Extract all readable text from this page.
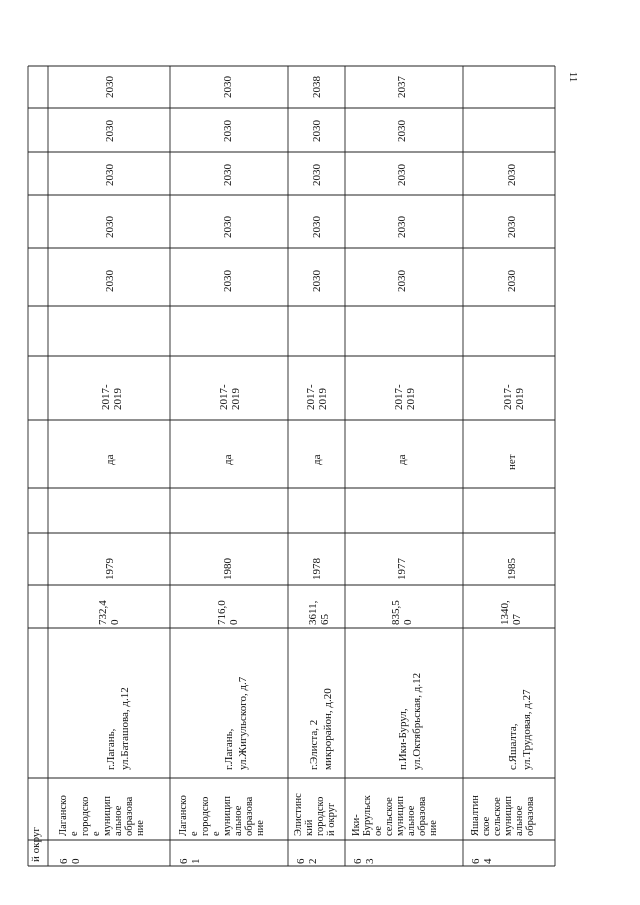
11
й округ 6
0
Лаганско
е
городско
е
муницип
альное
образова
ние
г.Лагань,
ул.Баташова, д.12
732,4
0
1979
да
2017-
2019
2030
2030
2030
2030
2030
6
1
Лаганско
е
городско
е
муницип
альное
образова
ние
г.Лагань,
ул.Жигульского, д.7
716,0
0
1980
да
2017-
2019
2030
2030
2030
2030
2030
6
2
Элистинс
кий
городско
й округ
г.Элиста, 2
микрорайон, д.20
3611,
65
1978
да
2017-
2019
2030
2030
2030
2030
2038
6
3
Ики-
Бурульск
ое
сельское
муницип
альное
образова
ние
п.Ики-Бурул,
ул.Октябрьская, д.12
835,5
0
1977
да
2017-
2019
2030
2030
2030
2030
2037
6
4
Яшалтин
ское
сельское
муницип
альное
образова
с.Яшалта,
ул.Трудовая, д.27
1340,
07
1985
нет
2017-
2019
2030
2030
2030
